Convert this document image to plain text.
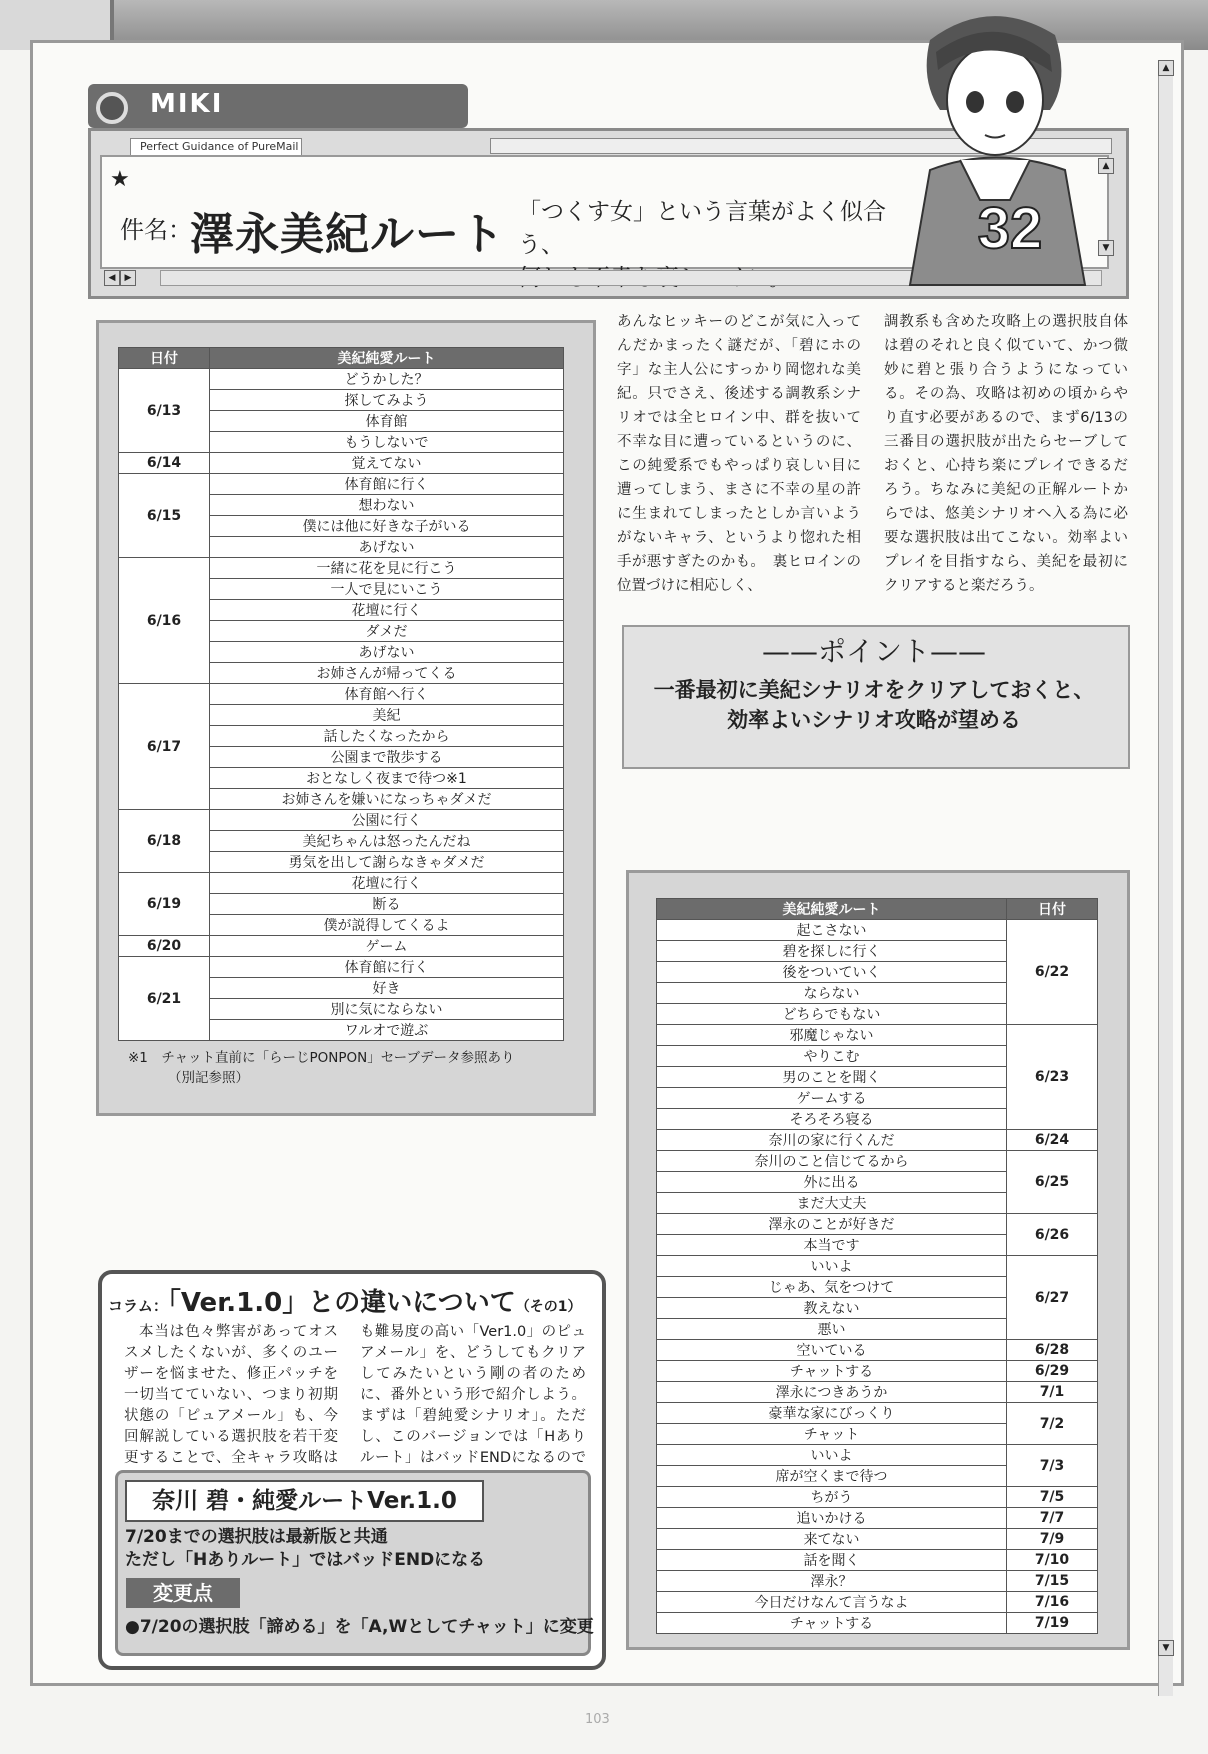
▲
▼
MIKI
Perfect Guidance of PureMail
★
件名：
澤永美紀ルート 「つくす女」という言葉がよく似合う、
▲
▼
◀	▶
32
日付	美紀純愛ルート
6/13	どうかした？
	探してみよう
	体育館
	もうしないで
6/14	覚えてない
6/15	体育館に行く
	想わない
	僕には他に好きな子がいる
	あげない
6/16	一緒に花を見に行こう
	一人で見にいこう
	花壇に行く
	ダメだ
	あげない
	お姉さんが帰ってくる
6/17	体育館へ行く
	美紀
	話したくなったから
	公園まで散歩する
	おとなしく夜まで待つ※1
	お姉さんを嫌いになっちゃダメだ
6/18	公園に行く
	美紀ちゃんは怒ったんだね
	勇気を出して謝らなきゃダメだ
6/19	花壇に行く
	断る
	僕が説得してくるよ
6/20	ゲーム
6/21	体育館に行く
	好き
	別に気にならない
	ワルオで遊ぶ
※1　チャット直前に「らーじPONPON」セーブデータ参照あり
（別記参照）
あんなヒッキーのどこが気に入ってんだかまったく謎だが、「碧にホの字」な主人公にすっかり岡惚れな美紀。只でさえ、後述する調教系シナリオでは全ヒロイン中、群を抜いて不幸な目に遭っているというのに、この純愛系でもやっぱり哀しい目に遭ってしまう、まさに不幸の星の許に生まれてしまったとしか言いようがないキャラ、というより惚れた相手が悪すぎたのかも。　裏ヒロインの位置づけに相応しく、
調教系も含めた攻略上の選択肢自体は碧のそれと良く似ていて、かつ微妙に碧と張り合うようになっている。その為、攻略は初めの頃からやり直す必要があるので、まず6/13の三番目の選択肢が出たらセーブしておくと、心持ち楽にプレイできるだろう。ちなみに美紀の正解ルートからでは、悠美シナリオへ入る為に必要な選択肢は出てこない。効率よいプレイを目指すなら、美紀を最初にクリアすると楽だろう。
——ポイント——
一番最初に美紀シナリオをクリアしておくと、
効率よいシナリオ攻略が望める
美紀純愛ルート	日付
起こさない	6/22
碧を探しに行く	
後をついていく	
ならない	
どちらでもない	
邪魔じゃない	6/23
やりこむ	
男のことを聞く	
ゲームする	
そろそろ寝る	
奈川の家に行くんだ	6/24
奈川のこと信じてるから	6/25
外に出る	
まだ大丈夫	
澤永のことが好きだ	6/26
本当です	
いいよ	6/27
じゃあ、気をつけて	
教えない	
悪い	
空いている	6/28
チャットする	6/29
澤永につきあうか	7/1
豪華な家にびっくり	7/2
チャット	
いいよ	7/3
席が空くまで待つ	
ちがう	7/5
追いかける	7/7
来てない	7/9
話を聞く	7/10
澤永？	7/15
今日だけなんて言うなよ	7/16
チャットする	7/19
コラム：「Ver.1.0」との違いについて（その1）
本当は色々弊害があってオススメしたくないが、多くのユーザーを悩ませた、修正パッチを一切当てていない、つまり初期状態の「ピュアメール」も、今回解説している選択肢を若干変更することで、全キャラ攻略は
も難易度の高い「Ver1.0」のピュアメール」を、どうしてもクリアしてみたいという剛の者のために、番外という形で紹介しよう。まずは「碧純愛シナリオ」。ただし、このバージョンでは「Hありルート」はバッドENDになるので
奈川 碧・純愛ルートVer.1.0
7/20までの選択肢は最新版と共通
ただし「Hありルート」ではバッドENDになる
変更点
●7/20の選択肢「諦める」を「A,Wとしてチャット」に変更
103
